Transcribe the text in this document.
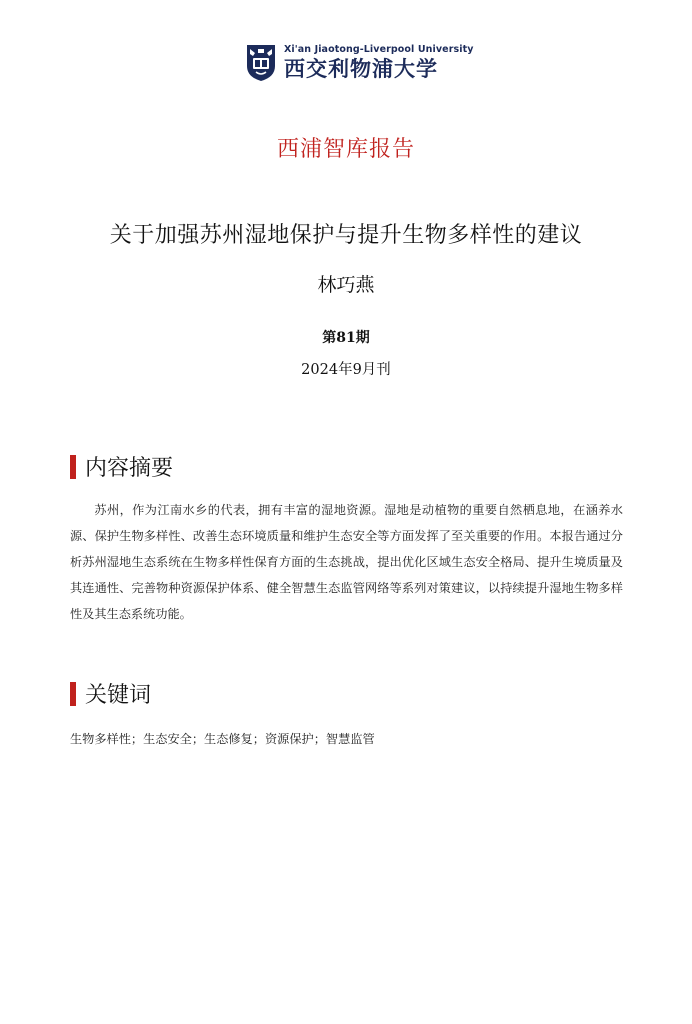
Xi'an Jiaotong-Liverpool University
西交利物浦大学
西浦智库报告
关于加强苏州湿地保护与提升生物多样性的建议
林巧燕
第81期
2024年9月刊
内容摘要
苏州，作为江南水乡的代表，拥有丰富的湿地资源。湿地是动植物的重要自然栖息地，在涵养水源、保护生物多样性、改善生态环境质量和维护生态安全等方面发挥了至关重要的作用。本报告通过分析苏州湿地生态系统在生物多样性保育方面的生态挑战，提出优化区域生态安全格局、提升生境质量及其连通性、完善物种资源保护体系、健全智慧生态监管网络等系列对策建议，以持续提升湿地生物多样性及其生态系统功能。
关键词
生物多样性；生态安全；生态修复；资源保护；智慧监管
